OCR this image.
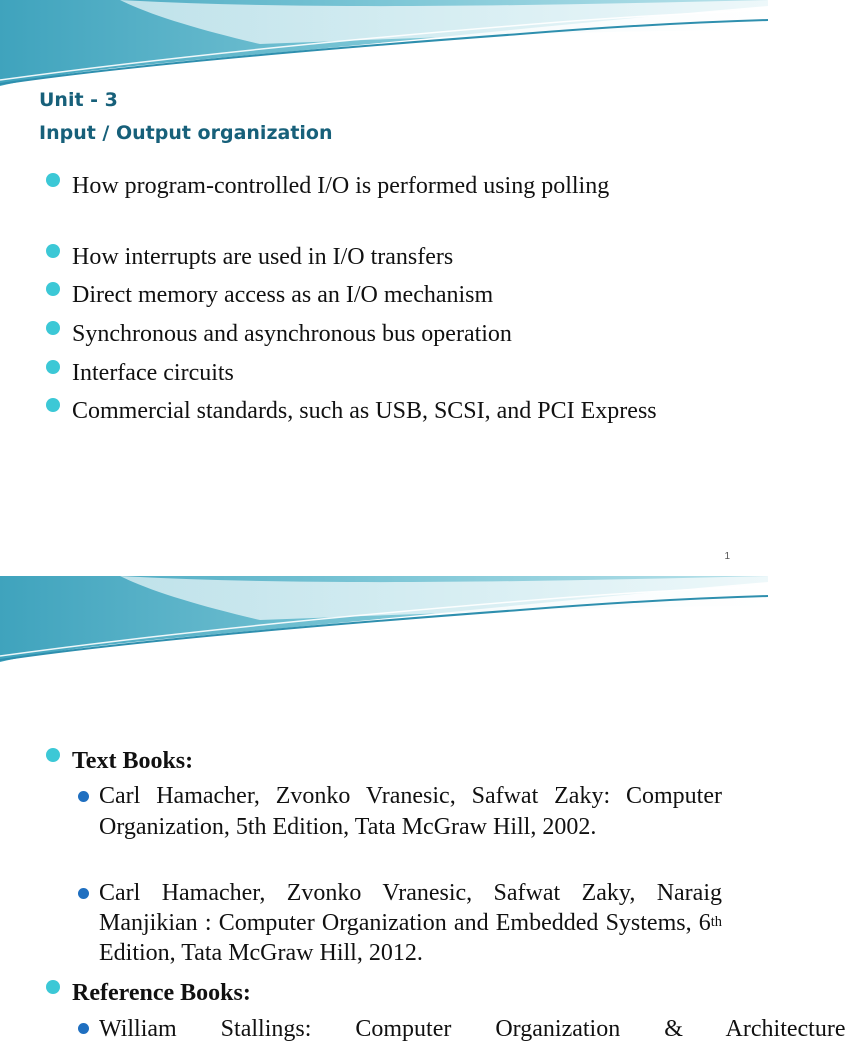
Unit - 3
Input / Output organization
How program-controlled I/O is performed using polling
How interrupts are used in I/O transfers
Direct memory access as an I/O mechanism
Synchronous and asynchronous bus operation
Interface circuits
Commercial standards, such as USB, SCSI, and PCI Express
1
Text Books:
Carl Hamacher, Zvonko Vranesic, Safwat Zaky: Computer Organization, 5th Edition, Tata McGraw Hill, 2002.
Carl Hamacher, Zvonko Vranesic, Safwat Zaky, Naraig Manjikian : Computer Organization and Embedded Systems, 6th Edition, Tata McGraw Hill, 2012.
Reference Books:
William Stallings: Computer Organization & Architecture
